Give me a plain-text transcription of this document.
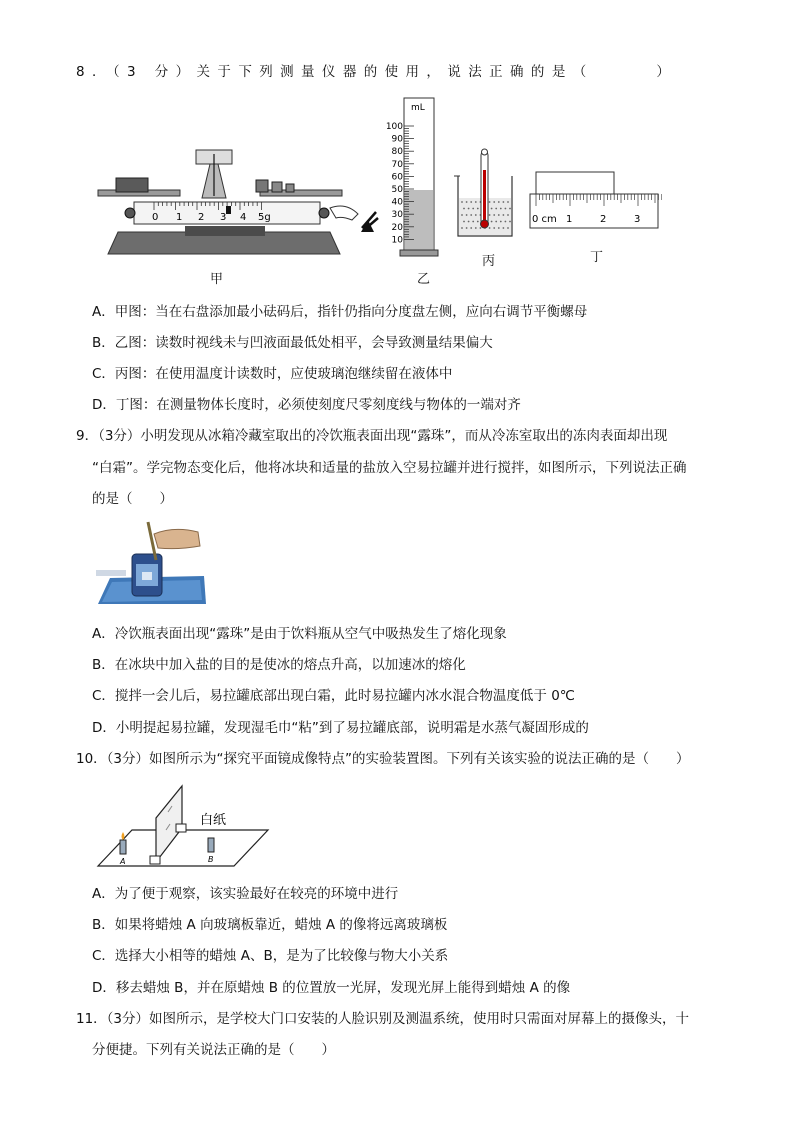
8．（3 分）关于下列测量仪器的使用，说法正确的是（　　　）
0 1 2 3 4 5g
甲
mL
100
90
80
70
60
50
40
30
20
10
乙
丙
0 cm 1	2	3
丁
A．甲图：当在右盘添加最小砝码后，指针仍指向分度盘左侧，应向右调节平衡螺母
B．乙图：读数时视线未与凹液面最低处相平，会导致测量结果偏大
C．丙图：在使用温度计读数时，应使玻璃泡继续留在液体中
D．丁图：在测量物体长度时，必须使刻度尺零刻度线与物体的一端对齐
9．（3分）小明发现从冰箱冷藏室取出的冷饮瓶表面出现“露珠”，而从冷冻室取出的冻肉表面却出现
“白霜”。学完物态变化后，他将冰块和适量的盐放入空易拉罐并进行搅拌，如图所示，下列说法正确
的是（　　）
A．冷饮瓶表面出现“露珠”是由于饮料瓶从空气中吸热发生了熔化现象
B．在冰块中加入盐的目的是使冰的熔点升高，以加速冰的熔化
C．搅拌一会儿后，易拉罐底部出现白霜，此时易拉罐内冰水混合物温度低于 0℃
D．小明提起易拉罐，发现湿毛巾“粘”到了易拉罐底部，说明霜是水蒸气凝固形成的
10．（3分）如图所示为“探究平面镜成像特点”的实验装置图。下列有关该实验的说法正确的是（　　）
A	B
白纸
A．为了便于观察，该实验最好在较亮的环境中进行
B．如果将蜡烛 A 向玻璃板靠近，蜡烛 A 的像将远离玻璃板
C．选择大小相等的蜡烛 A、B，是为了比较像与物大小关系
D．移去蜡烛 B，并在原蜡烛 B 的位置放一光屏，发现光屏上能得到蜡烛 A 的像
11．（3分）如图所示，是学校大门口安装的人脸识别及测温系统，使用时只需面对屏幕上的摄像头，十
分便捷。下列有关说法正确的是（　　）
